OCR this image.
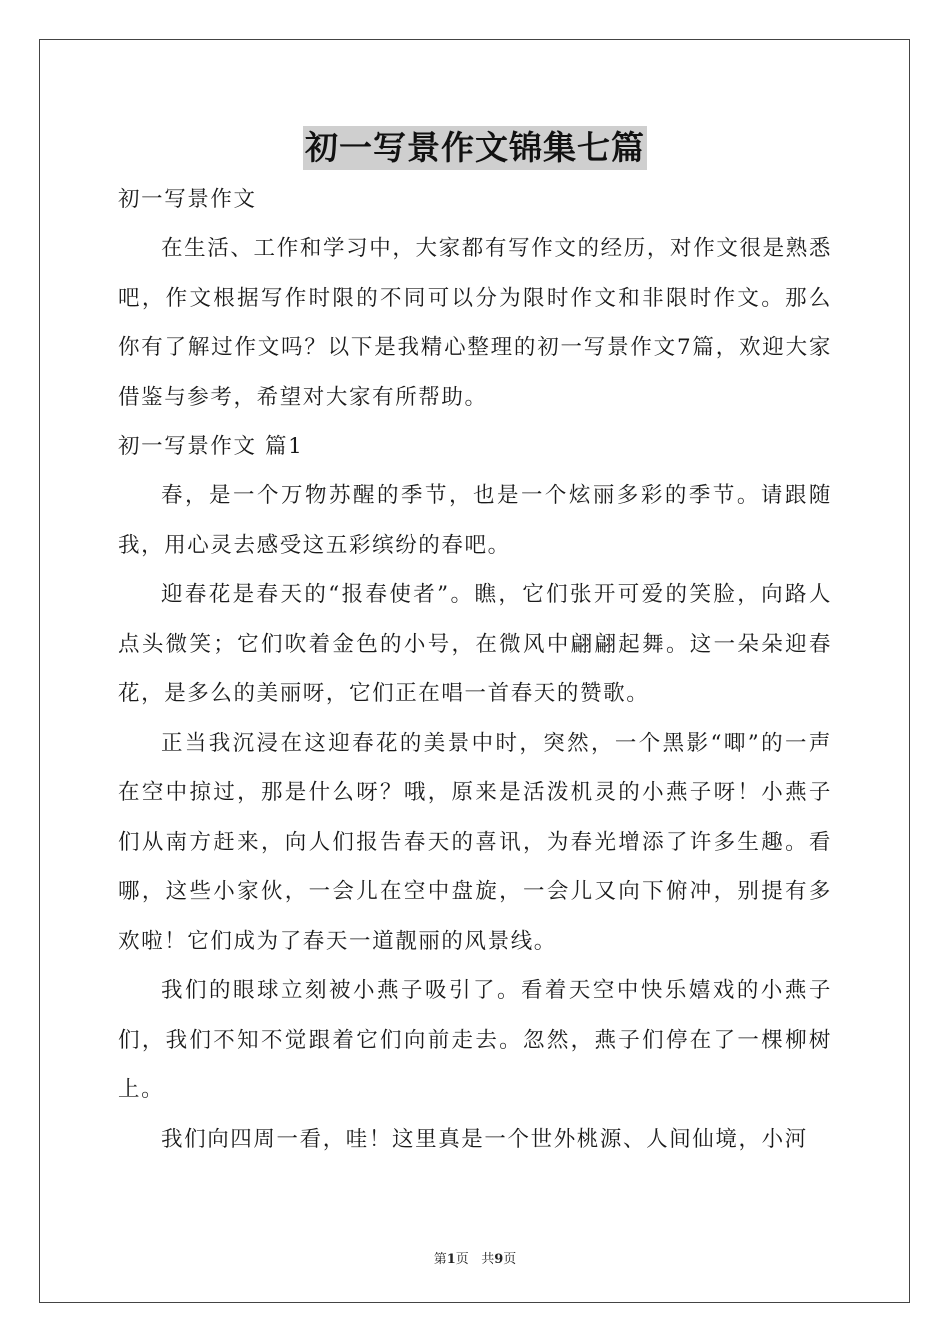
初一写景作文锦集七篇

初一写景作文

在生活、工作和学习中，大家都有写作文的经历，对作文很是熟悉吧，作文根据写作时限的不同可以分为限时作文和非限时作文。那么你有了解过作文吗？以下是我精心整理的初一写景作文7篇，欢迎大家借鉴与参考，希望对大家有所帮助。

初一写景作文 篇1

春，是一个万物苏醒的季节，也是一个炫丽多彩的季节。请跟随我，用心灵去感受这五彩缤纷的春吧。

迎春花是春天的“报春使者”。瞧，它们张开可爱的笑脸，向路人点头微笑；它们吹着金色的小号，在微风中翩翩起舞。这一朵朵迎春花，是多么的美丽呀，它们正在唱一首春天的赞歌。

正当我沉浸在这迎春花的美景中时，突然，一个黑影“唧”的一声在空中掠过，那是什么呀？哦，原来是活泼机灵的小燕子呀！小燕子们从南方赶来，向人们报告春天的喜讯，为春光增添了许多生趣。看哪，这些小家伙，一会儿在空中盘旋，一会儿又向下俯冲，别提有多欢啦！它们成为了春天一道靓丽的风景线。

我们的眼球立刻被小燕子吸引了。看着天空中快乐嬉戏的小燕子们，我们不知不觉跟着它们向前走去。忽然，燕子们停在了一棵柳树上。

我们向四周一看，哇！这里真是一个世外桃源、人间仙境，小河

第1页 共9页
